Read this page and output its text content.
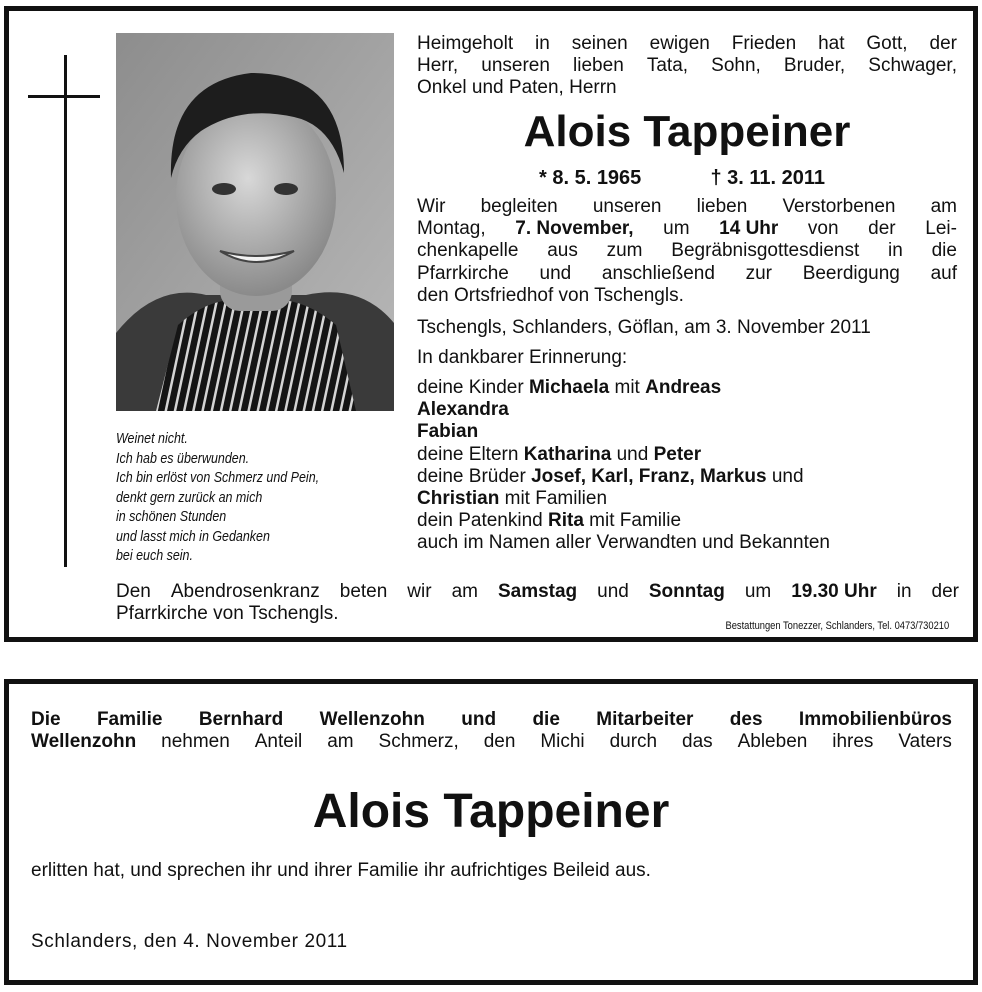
Weinet nicht.
Ich hab es überwunden.
Ich bin erlöst von Schmerz und Pein,
denkt gern zurück an mich
in schönen Stunden
und lasst mich in Gedanken
bei euch sein.
Heimgeholt in seinen ewigen Frieden hat Gott, der
Herr, unseren lieben Tata, Sohn, Bruder, Schwager,
Onkel und Paten, Herrn
Alois Tappeiner
* 8. 5. 1965	† 3. 11. 2011
Wir begleiten unseren lieben Verstorbenen am
Montag, 7. November, um 14 Uhr von der Lei-
chenkapelle aus zum Begräbnisgottesdienst in die
Pfarrkirche und anschließend zur Beerdigung auf
den Ortsfriedhof von Tschengls.
Tschengls, Schlanders, Göflan, am 3. November 2011
In dankbarer Erinnerung:
deine Kinder Michaela mit Andreas
Alexandra
Fabian
deine Eltern Katharina und Peter
deine Brüder Josef, Karl, Franz, Markus und
Christian mit Familien
dein Patenkind Rita mit Familie
auch im Namen aller Verwandten und Bekannten
Den Abendrosenkranz beten wir am Samstag und Sonntag um 19.30 Uhr in der
Pfarrkirche von Tschengls.
Bestattungen Tonezzer, Schlanders, Tel. 0473/730210
Die Familie Bernhard Wellenzohn und die Mitarbeiter des Immobilienbüros
Wellenzohn nehmen Anteil am Schmerz, den Michi durch das Ableben ihres Vaters
Alois Tappeiner
erlitten hat, und sprechen ihr und ihrer Familie ihr aufrichtiges Beileid aus.
Schlanders, den 4. November 2011
